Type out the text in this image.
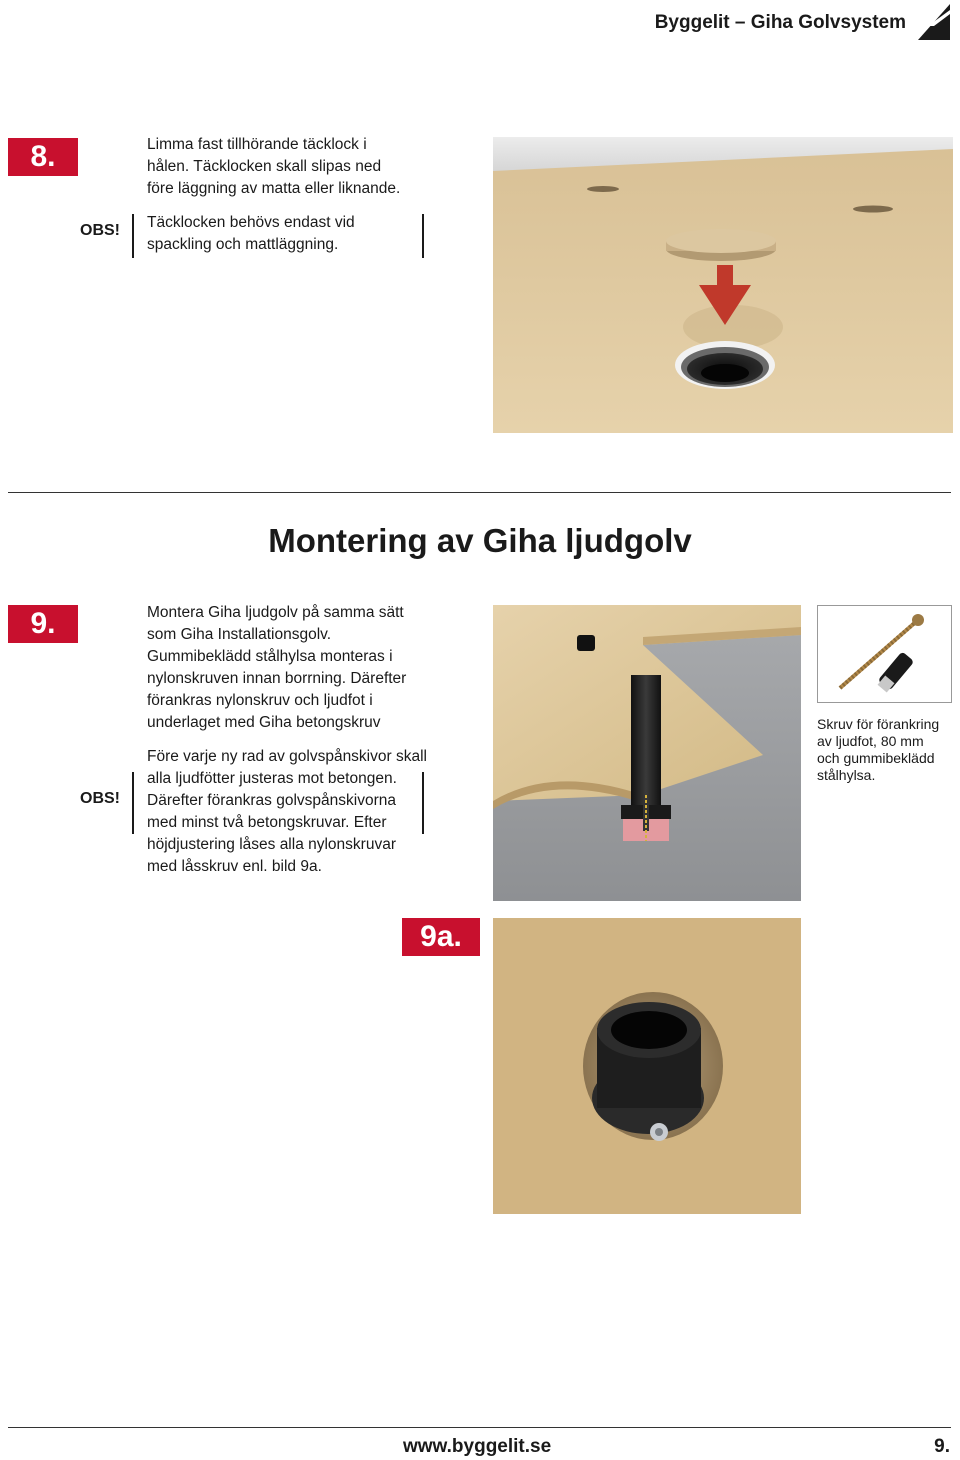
Byggelit – Giha Golvsystem
8.	Limma fast tillhörande täcklock i hålen. Täcklocken skall slipas ned före läggning av matta eller liknande.

OBS! Täcklocken behövs endast vid spackling och mattläggning.

Montering av Giha ljudgolv
9.	Montera Giha ljudgolv på samma sätt som Giha Installationsgolv. Gummibeklädd stålhylsa monteras i nylonskruven innan borrning. Därefter förankras nylonskruv och ljudfot i underlaget med Giha betongskruv

OBS!

Före varje ny rad av golvspånskivor skall alla ljudfötter justeras mot betongen. Därefter förankras golvspånskivorna med minst två betongskruvar. Efter höjdjustering låses alla nylonskruvar med låsskruv enl. bild 9a.

Skruv för förankring av ljudfot, 80 mm och gummibeklädd stålhylsa.
9a.
www.byggelit.se	9.
